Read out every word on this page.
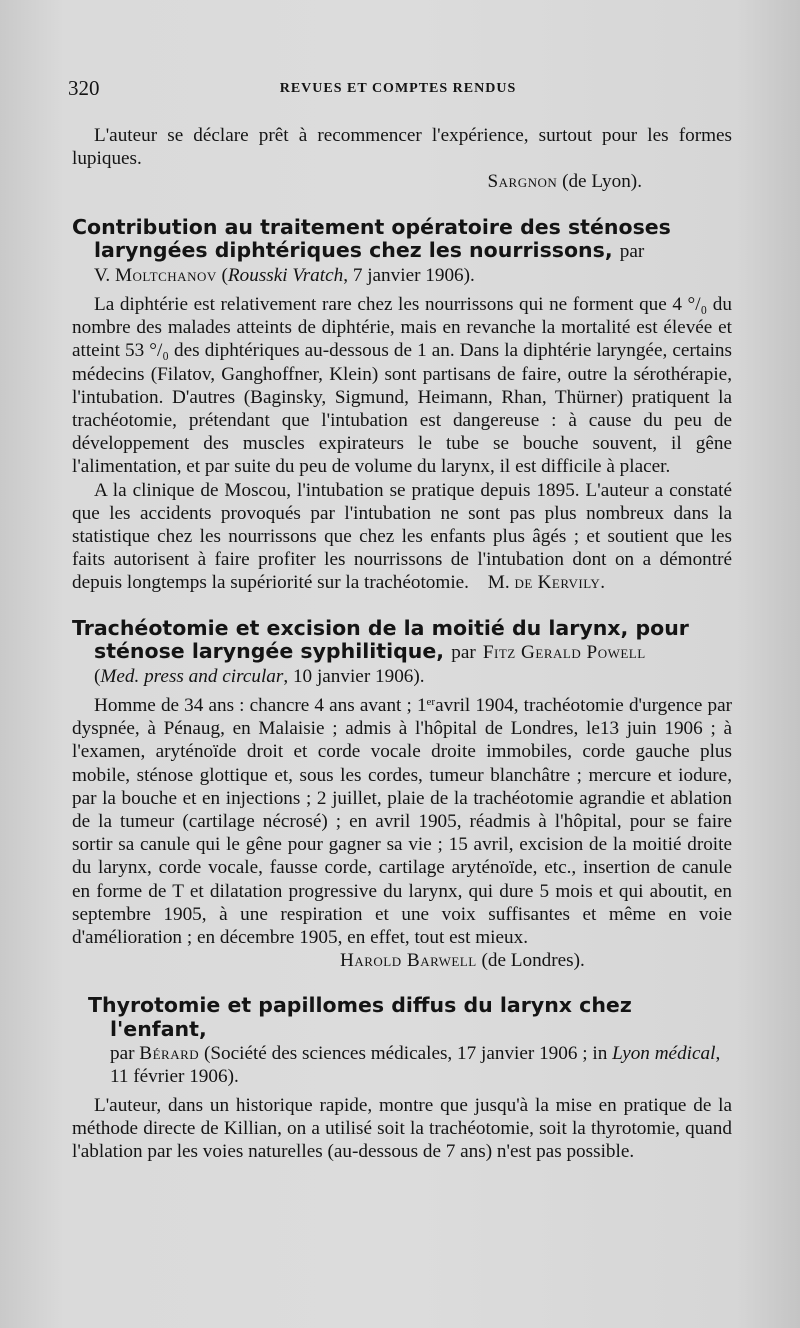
320	REVUES ET COMPTES RENDUS

L'auteur se déclare prêt à recommencer l'expérience, surtout pour les formes lupiques.

Sargnon (de Lyon).
Contribution au traitement opératoire des sténoses laryngées diphtériques chez les nourrissons, par
V. Moltchanov (Rousski Vratch, 7 janvier 1906).

La diphtérie est relativement rare chez les nourrissons qui ne forment que 4 °/₀ du nombre des malades atteints de diphtérie, mais en revanche la mortalité est élevée et atteint 53 °/₀ des diphtériques au-dessous de 1 an. Dans la diphtérie laryngée, certains médecins (Filatov, Ganghoffner, Klein) sont partisans de faire, outre la sérothérapie, l'intubation. D'autres (Baginsky, Sigmund, Heimann, Rhan, Thürner) pratiquent la trachéotomie, prétendant que l'intubation est dangereuse : à cause du peu de développement des muscles expirateurs le tube se bouche souvent, il gêne l'alimentation, et par suite du peu de volume du larynx, il est difficile à placer.

A la clinique de Moscou, l'intubation se pratique depuis 1895. L'auteur a constaté que les accidents provoqués par l'intubation ne sont pas plus nombreux dans la statistique chez les nourrissons que chez les enfants plus âgés ; et soutient que les faits autorisent à faire profiter les nourrissons de l'intubation dont on a démontré depuis longtemps la supériorité sur la trachéotomie. M. de Kervily.

Trachéotomie et excision de la moitié du larynx, pour sténose laryngée syphilitique, par Fitz Gerald Powell
(Med. press and circular, 10 janvier 1906).

Homme de 34 ans : chancre 4 ans avant ; 1eravril 1904, trachéotomie d'urgence par dyspnée, à Pénaug, en Malaisie ; admis à l'hôpital de Londres, le13 juin 1906 ; à l'examen, aryténoïde droit et corde vocale droite immobiles, corde gauche plus mobile, sténose glottique et, sous les cordes, tumeur blanchâtre ; mercure et iodure, par la bouche et en injections ; 2 juillet, plaie de la trachéotomie agrandie et ablation de la tumeur (cartilage nécrosé) ; en avril 1905, réadmis à l'hôpital, pour se faire sortir sa canule qui le gêne pour gagner sa vie ; 15 avril, excision de la moitié droite du larynx, corde vocale, fausse corde, cartilage aryténoïde, etc., insertion de canule en forme de T et dilatation progressive du larynx, qui dure 5 mois et qui aboutit, en septembre 1905, à une respiration et une voix suffisantes et même en voie d'amélioration ; en décembre 1905, en effet, tout est mieux.

Harold Barwell (de Londres).
Thyrotomie et papillomes diffus du larynx chez l'enfant,
par Bérard (Société des sciences médicales, 17 janvier 1906 ; in Lyon médical, 11 février 1906).

L'auteur, dans un historique rapide, montre que jusqu'à la mise en pratique de la méthode directe de Killian, on a utilisé soit la trachéotomie, soit la thyrotomie, quand l'ablation par les voies naturelles (au-dessous de 7 ans) n'est pas possible.
